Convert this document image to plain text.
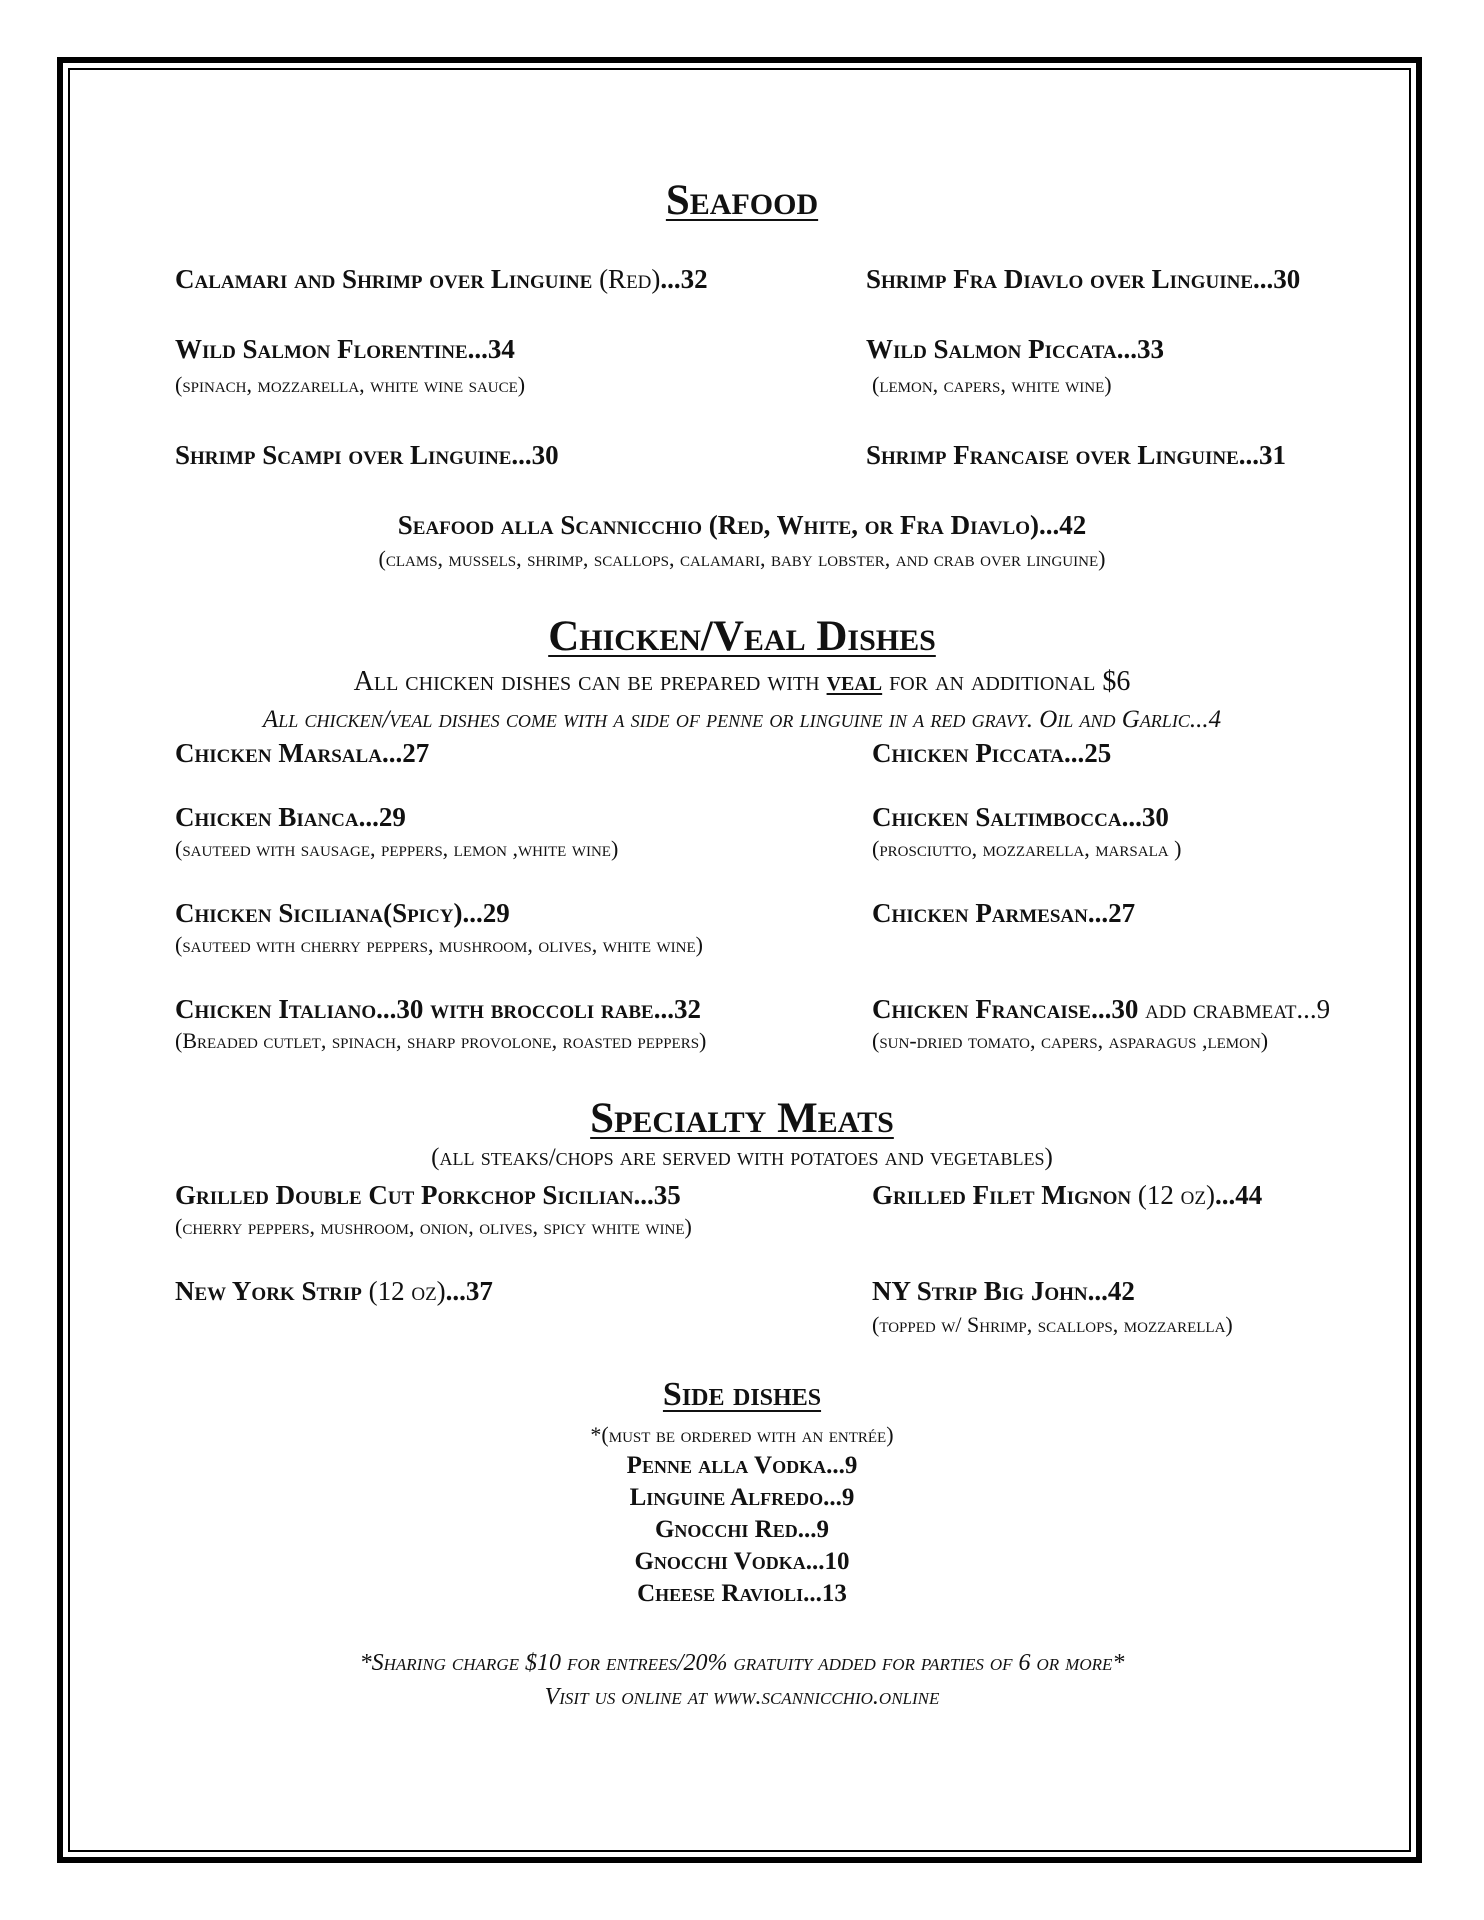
Seafood
Calamari and Shrimp over Linguine (Red)...32	Shrimp Fra Diavlo over Linguine...30
Wild Salmon Florentine...34
(spinach, mozzarella, white wine sauce)
Wild Salmon Piccata...33
(lemon, capers, white wine)
Shrimp Scampi over Linguine...30	Shrimp Francaise over Linguine...31
Seafood alla Scannicchio (Red, White, or Fra Diavlo)...42
(clams, mussels, shrimp, scallops, calamari, baby lobster, and crab over linguine)
Chicken/Veal Dishes
All chicken dishes can be prepared with veal for an additional $6
All chicken/veal dishes come with a side of penne or linguine in a red gravy. Oil and Garlic...4
Chicken Marsala...27	Chicken Piccata...25
Chicken Bianca...29
(sauteed with sausage, peppers, lemon ,white wine)
Chicken Saltimbocca...30
(prosciutto, mozzarella, marsala )
Chicken Siciliana(Spicy)...29
(sauteed with cherry peppers, mushroom, olives, white wine)
Chicken Parmesan...27
Chicken Italiano...30 with broccoli rabe...32
(Breaded cutlet, spinach, sharp provolone, roasted peppers)
Chicken Francaise...30 add crabmeat...9
(sun-dried tomato, capers, asparagus ,lemon)
Specialty Meats
(all steaks/chops are served with potatoes and vegetables)
Grilled Double Cut Porkchop Sicilian...35
(cherry peppers, mushroom, onion, olives, spicy white wine)
Grilled Filet Mignon (12 oz)...44
New York Strip (12 oz)...37	NY Strip Big John...42
(topped w/ Shrimp, scallops, mozzarella)
Side dishes
*(must be ordered with an entrée)
Penne alla Vodka...9
Linguine Alfredo...9
Gnocchi Red...9
Gnocchi Vodka...10
Cheese Ravioli...13
*Sharing charge $10 for entrees/20% gratuity added for parties of 6 or more*
Visit us online at www.scannicchio.online
